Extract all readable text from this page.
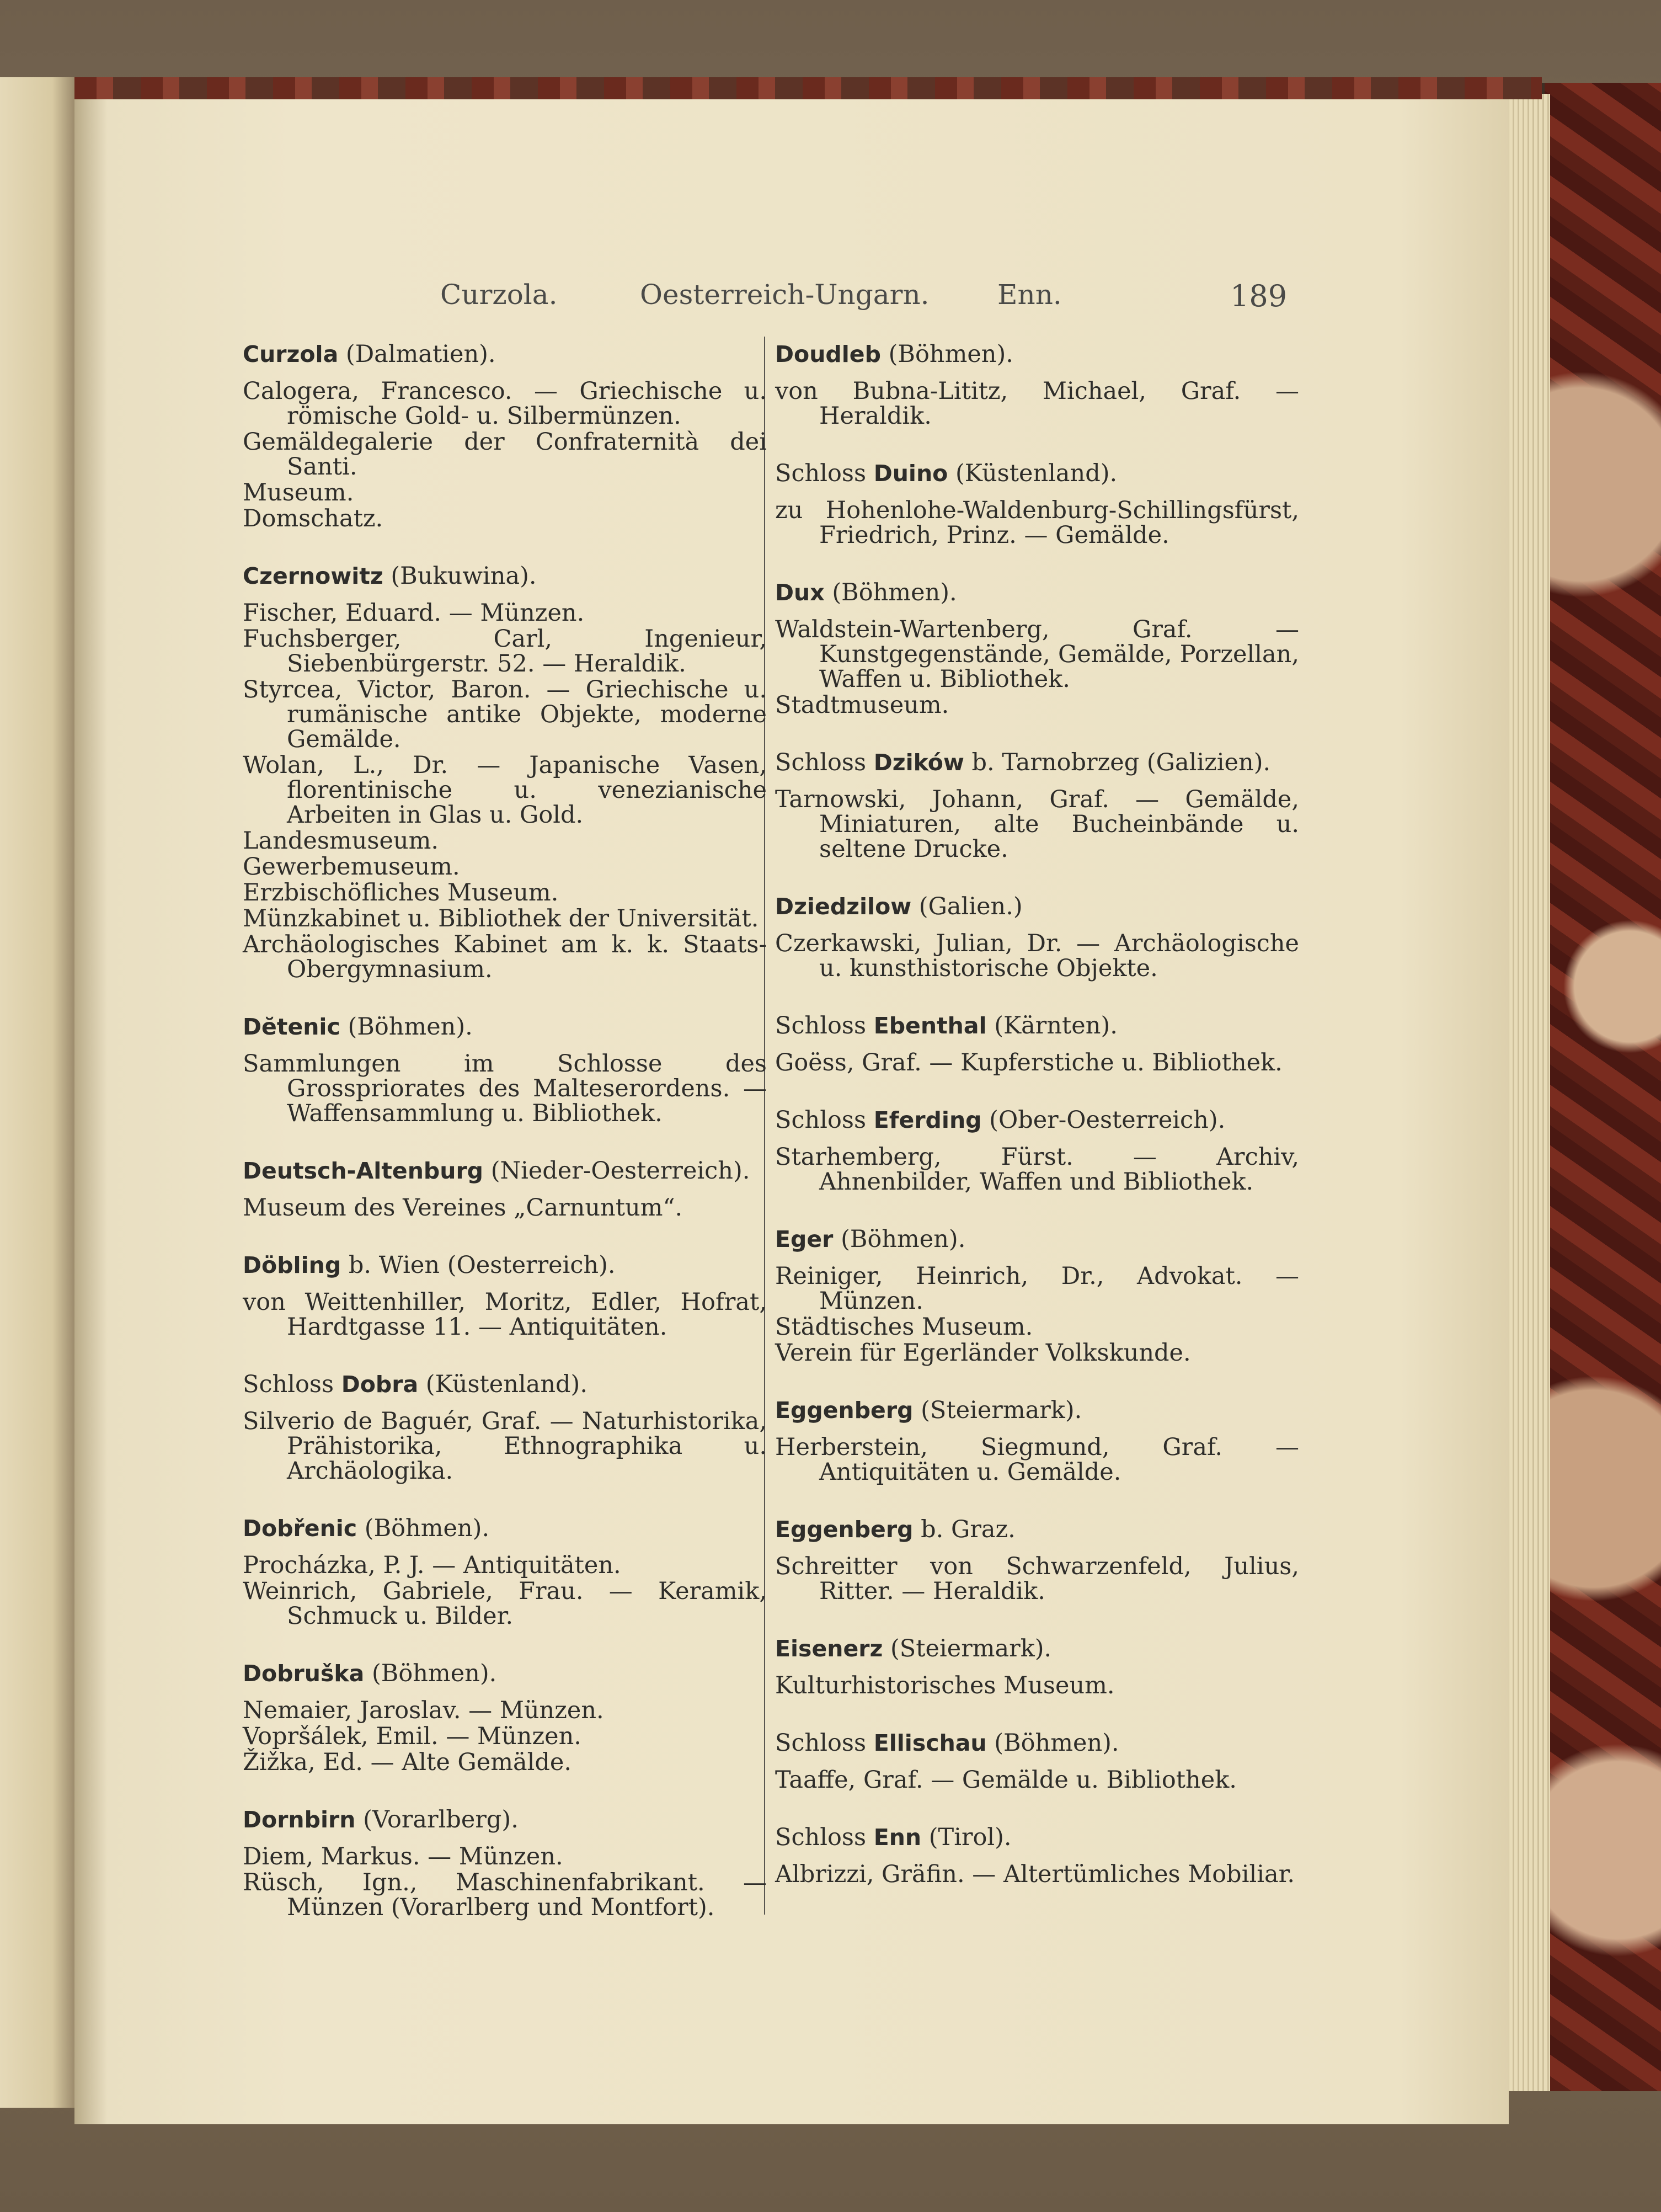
Curzola.	Oesterreich-Ungarn. Enn.	189
Curzola (Dalmatien).
Calogera, Francesco. — Griechische u. römische Gold- u. Silbermünzen.
Gemäldegalerie der Confraternità dei Santi.
Museum.
Domschatz.
Czernowitz (Bukuwina).
Fischer, Eduard. — Münzen.
Fuchsberger, Carl, Ingenieur, Siebenbürgerstr. 52. — Heraldik.
Styrcea, Victor, Baron. — Griechische u. rumänische antike Objekte, moderne Gemälde.
Wolan, L., Dr. — Japanische Vasen, florentinische u. venezianische Arbeiten in Glas u. Gold.
Landesmuseum.
Gewerbemuseum.
Erzbischöfliches Museum.
Münzkabinet u. Bibliothek der Universität.
Archäologisches Kabinet am k. k. Staats-Obergymnasium.
Dĕtenic (Böhmen).
Sammlungen im Schlosse des Grosspriorates des Malteserordens. — Waffensammlung u. Bibliothek.
Deutsch-Altenburg (Nieder-Oesterreich).
Museum des Vereines „Carnuntum“.
Döbling b. Wien (Oesterreich).
von Weittenhiller, Moritz, Edler, Hofrat, Hardtgasse 11. — Antiquitäten.
Schloss Dobra (Küstenland).
Silverio de Baguér, Graf. — Naturhistorika, Prähistorika, Ethnographika u. Archäologika.
Dobřenic (Böhmen).
Procházka, P. J. — Antiquitäten.
Weinrich, Gabriele, Frau. — Keramik, Schmuck u. Bilder.
Dobruška (Böhmen).
Nemaier, Jaroslav. — Münzen.
Vopršálek, Emil. — Münzen.
Žižka, Ed. — Alte Gemälde.
Dornbirn (Vorarlberg).
Diem, Markus. — Münzen.
Rüsch, Ign., Maschinenfabrikant. — Münzen (Vorarlberg und Montfort).
Doudleb (Böhmen).
von Bubna-Lititz, Michael, Graf. — Heraldik.
Schloss Duino (Küstenland).
zu Hohenlohe-Waldenburg-Schillingsfürst, Friedrich, Prinz. — Gemälde.
Dux (Böhmen).
Waldstein-Wartenberg, Graf. — Kunstgegenstände, Gemälde, Porzellan, Waffen u. Bibliothek.
Stadtmuseum.
Schloss Dzików b. Tarnobrzeg (Galizien).
Tarnowski, Johann, Graf. — Gemälde, Miniaturen, alte Bucheinbände u. seltene Drucke.
Dziedzilow (Galien.)
Czerkawski, Julian, Dr. — Archäologische u. kunsthistorische Objekte.
Schloss Ebenthal (Kärnten).
Goëss, Graf. — Kupferstiche u. Bibliothek.
Schloss Eferding (Ober-Oesterreich).
Starhemberg, Fürst. — Archiv, Ahnenbilder, Waffen und Bibliothek.
Eger (Böhmen).
Reiniger, Heinrich, Dr., Advokat. — Münzen.
Städtisches Museum.
Verein für Egerländer Volkskunde.
Eggenberg (Steiermark).
Herberstein, Siegmund, Graf. — Antiquitäten u. Gemälde.
Eggenberg b. Graz.
Schreitter von Schwarzenfeld, Julius, Ritter. — Heraldik.
Eisenerz (Steiermark).
Kulturhistorisches Museum.
Schloss Ellischau (Böhmen).
Taaffe, Graf. — Gemälde u. Bibliothek.
Schloss Enn (Tirol).
Albrizzi, Gräfin. — Altertümliches Mobiliar.
